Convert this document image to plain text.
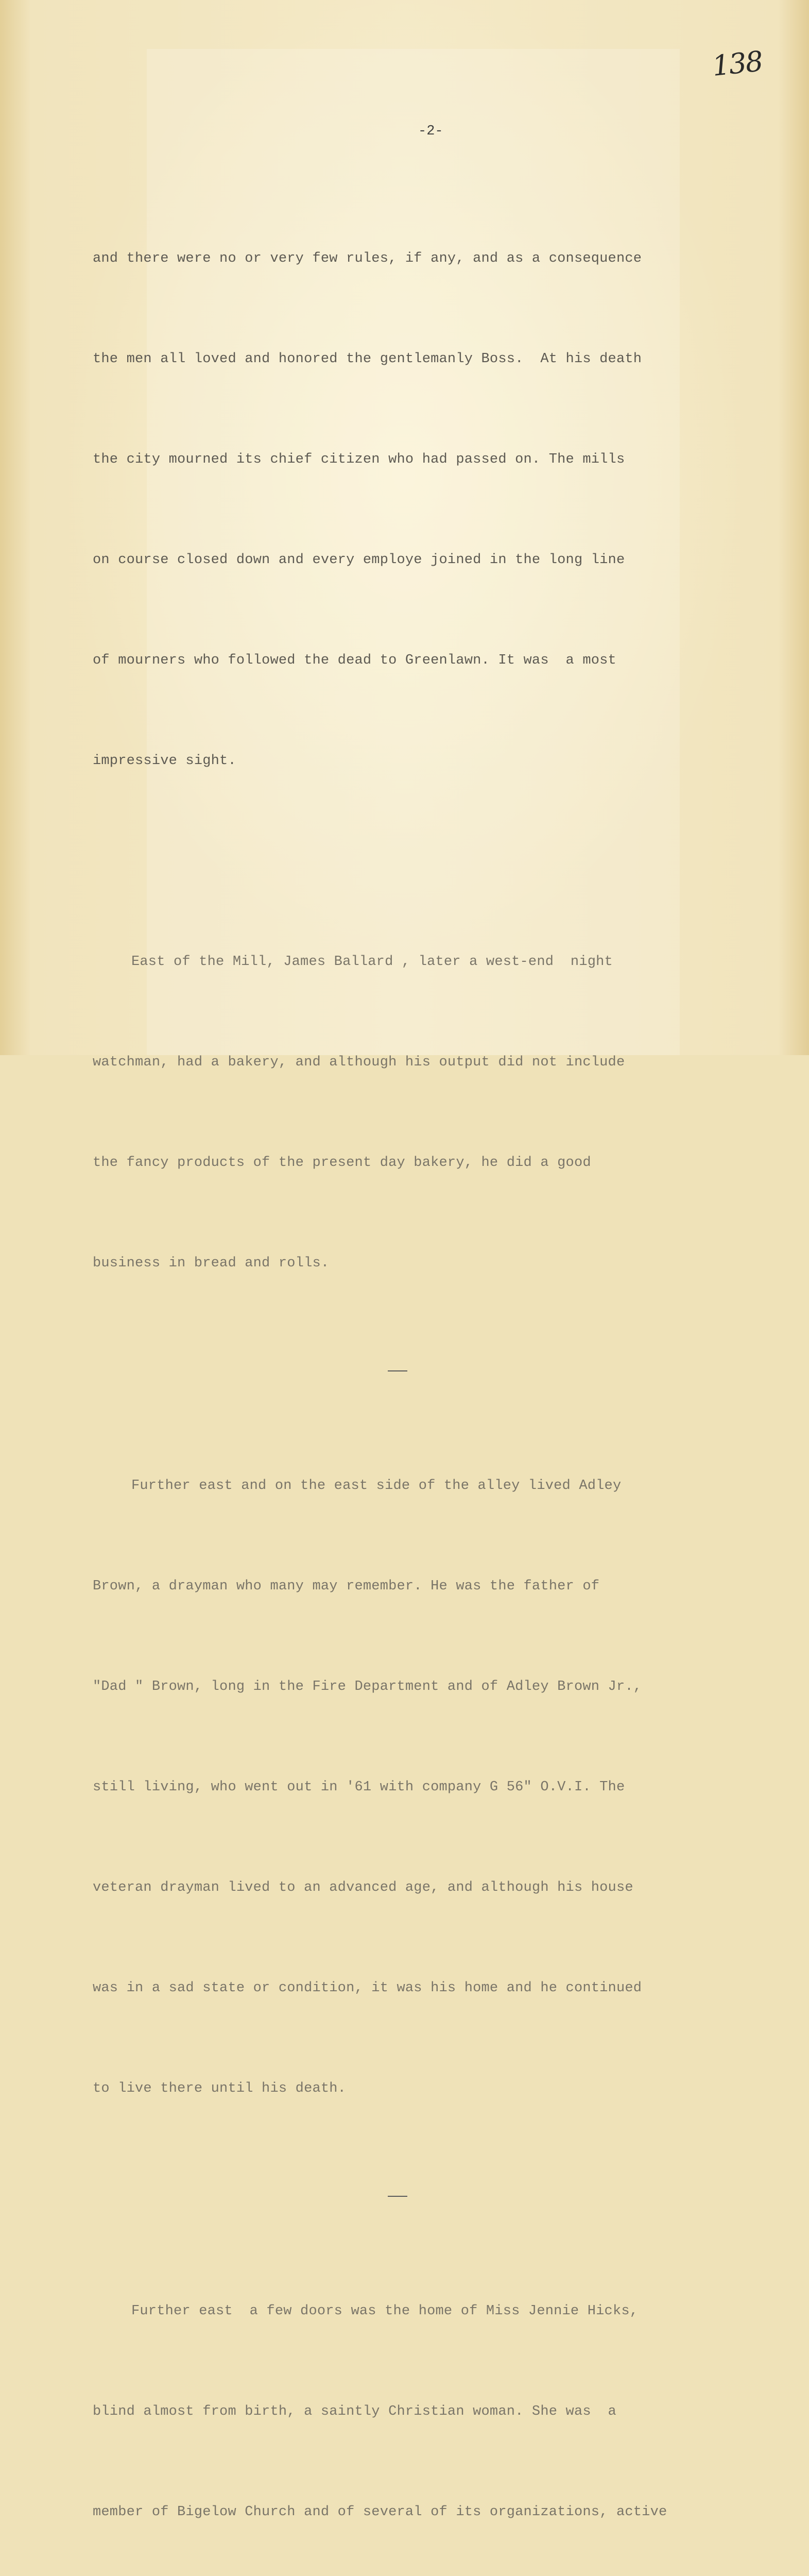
138
-2-

and there were no or very few rules, if any, and as a consequence

the men all loved and honored the gentlemanly Boss.  At his death

the city mourned its chief citizen who had passed on. The mills

on course closed down and every employe joined in the long line

of mourners who followed the dead to Greenlawn. It was  a most

impressive sight.

East of the Mill, James Ballard , later a west-end  night

watchman, had a bakery, and although his output did not include

the fancy products of the present day bakery, he did a good

business in bread and rolls.

Further east and on the east side of the alley lived Adley

Brown, a drayman who many may remember. He was the father of

"Dad " Brown, long in the Fire Department and of Adley Brown Jr.,

still living, who went out in '61 with company G 56" O.V.I. The

veteran drayman lived to an advanced age, and although his house

was in a sad state or condition, it was his home and he continued

to live there until his death.

Further east  a few doors was the home of Miss Jennie Hicks,

blind almost from birth, a saintly Christian woman. She was  a

member of Bigelow Church and of several of its organizations, active
